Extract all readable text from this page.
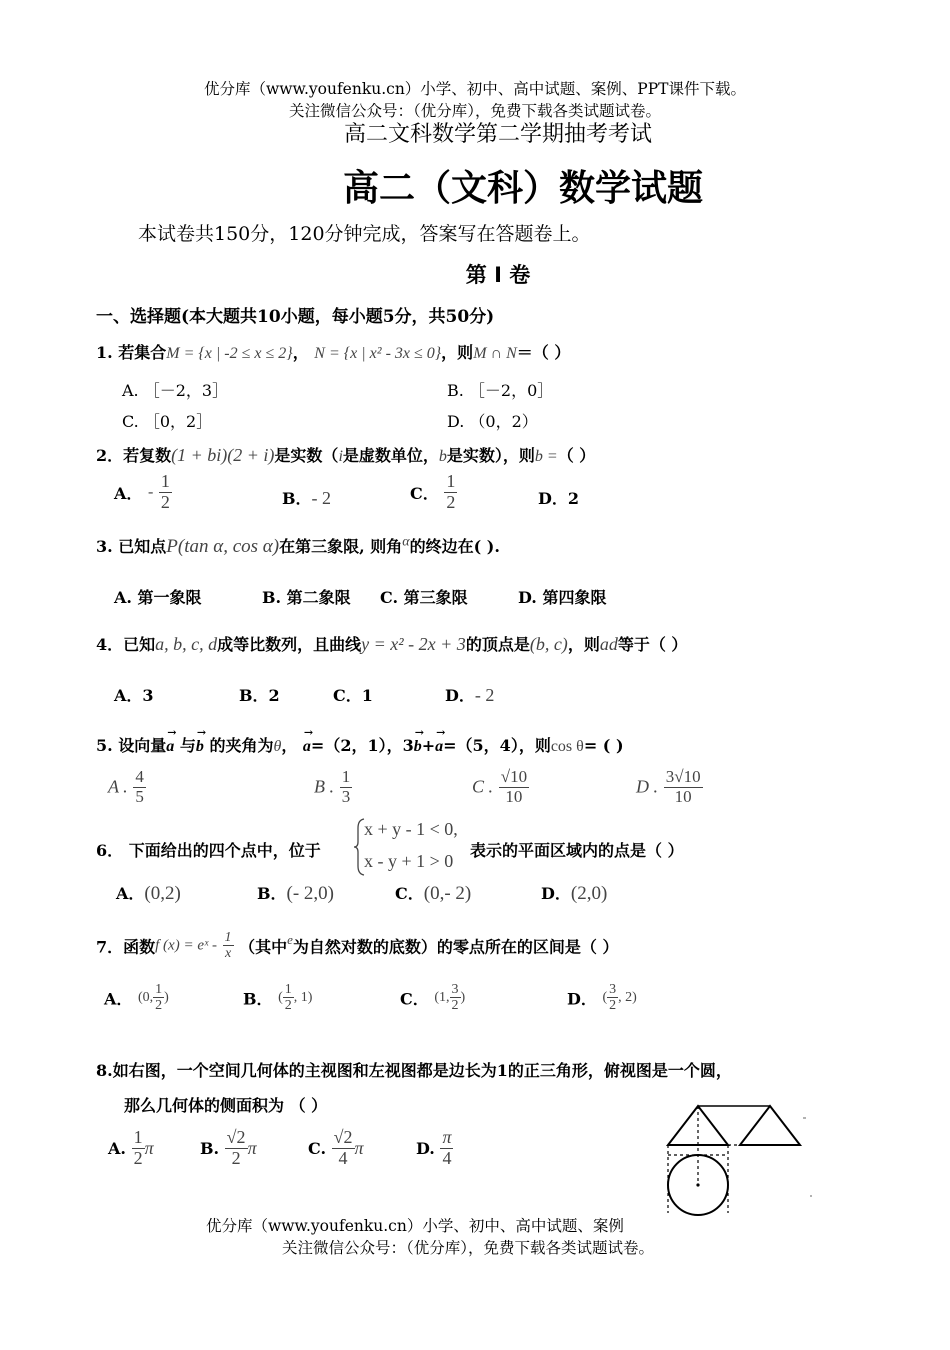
优分库（www.youfenku.cn）小学、初中、高中试题、案例、PPT课件下载。
关注微信公众号：（优分库），免费下载各类试题试卷。
高二文科数学第二学期抽考考试
高二（文科）数学试题
本试卷共150分，120分钟完成，答案写在答题卷上。
第 Ⅰ 卷
一、选择题(本大题共10小题，每小题5分，共50分)
1. 若集合M = {x | -2 ≤ x ≤ 2}， N = {x | x² - 3x ≤ 0}，则M ∩ N＝（ ）
A. ［－2，3］	B. ［－2，0］
C. ［0，2］	D. （0，2）
2．若复数(1 + bi)(2 + i)是实数（i是虚数单位，b是实数），则b =（ ）
A． - $\frac{1}{2}$	B．- 2	C． $\frac{1}{2}$	D．2
3. 已知点P(tan α, cos α)在第三象限, 则角α的终边在( ).
A. 第一象限	B. 第二象限 C. 第三象限	D. 第四象限
4．已知a, b, c, d成等比数列，且曲线y = x² - 2x + 3的顶点是(b, c)，则ad等于（ ）
A．3	B．2	C．1	D．- 2
5. 设向量
→
a 与
→
b 的夹角为θ，
→
a=（2，1），3
→
b+
→
a=（5，4），则cos θ= ( )
A . $\frac{4}{5}$	B . $\frac{1}{3}$	C . $\frac{√10}{10}$	D . $\frac{3√10}{10}$
6． 下面给出的四个点中，位于
x + y - 1 < 0,
x - y + 1 > 0
表示的平面区域内的点是（ ）
A．(0,2)	B．(- 2,0)	C．(0,- 2)	D．(2,0)
7．函数f (x) = eˣ - $\frac{1}{x}$ （其中$^e$为自然对数的底数）的零点所在的区间是（ ）
A． (0, $\frac{1}{2}$ )	B． ( $\frac{1}{2}$ , 1)	C． (1, $\frac{3}{2}$ )	D． ( $\frac{3}{2}$ , 2)
8.如右图，一个空间几何体的主视图和左视图都是边长为1的正三角形，俯视图是一个圆，
那么几何体的侧面积为 （ ）
A. $\frac{1}{2}$ π	B. $\frac{√2}{2}$ π	C. $\frac{√2}{4}$ π	D. $\frac{\pi}{4}$
优分库（www.youfenku.cn）小学、初中、高中试题、案例
关注微信公众号：（优分库），免费下载各类试题试卷。
